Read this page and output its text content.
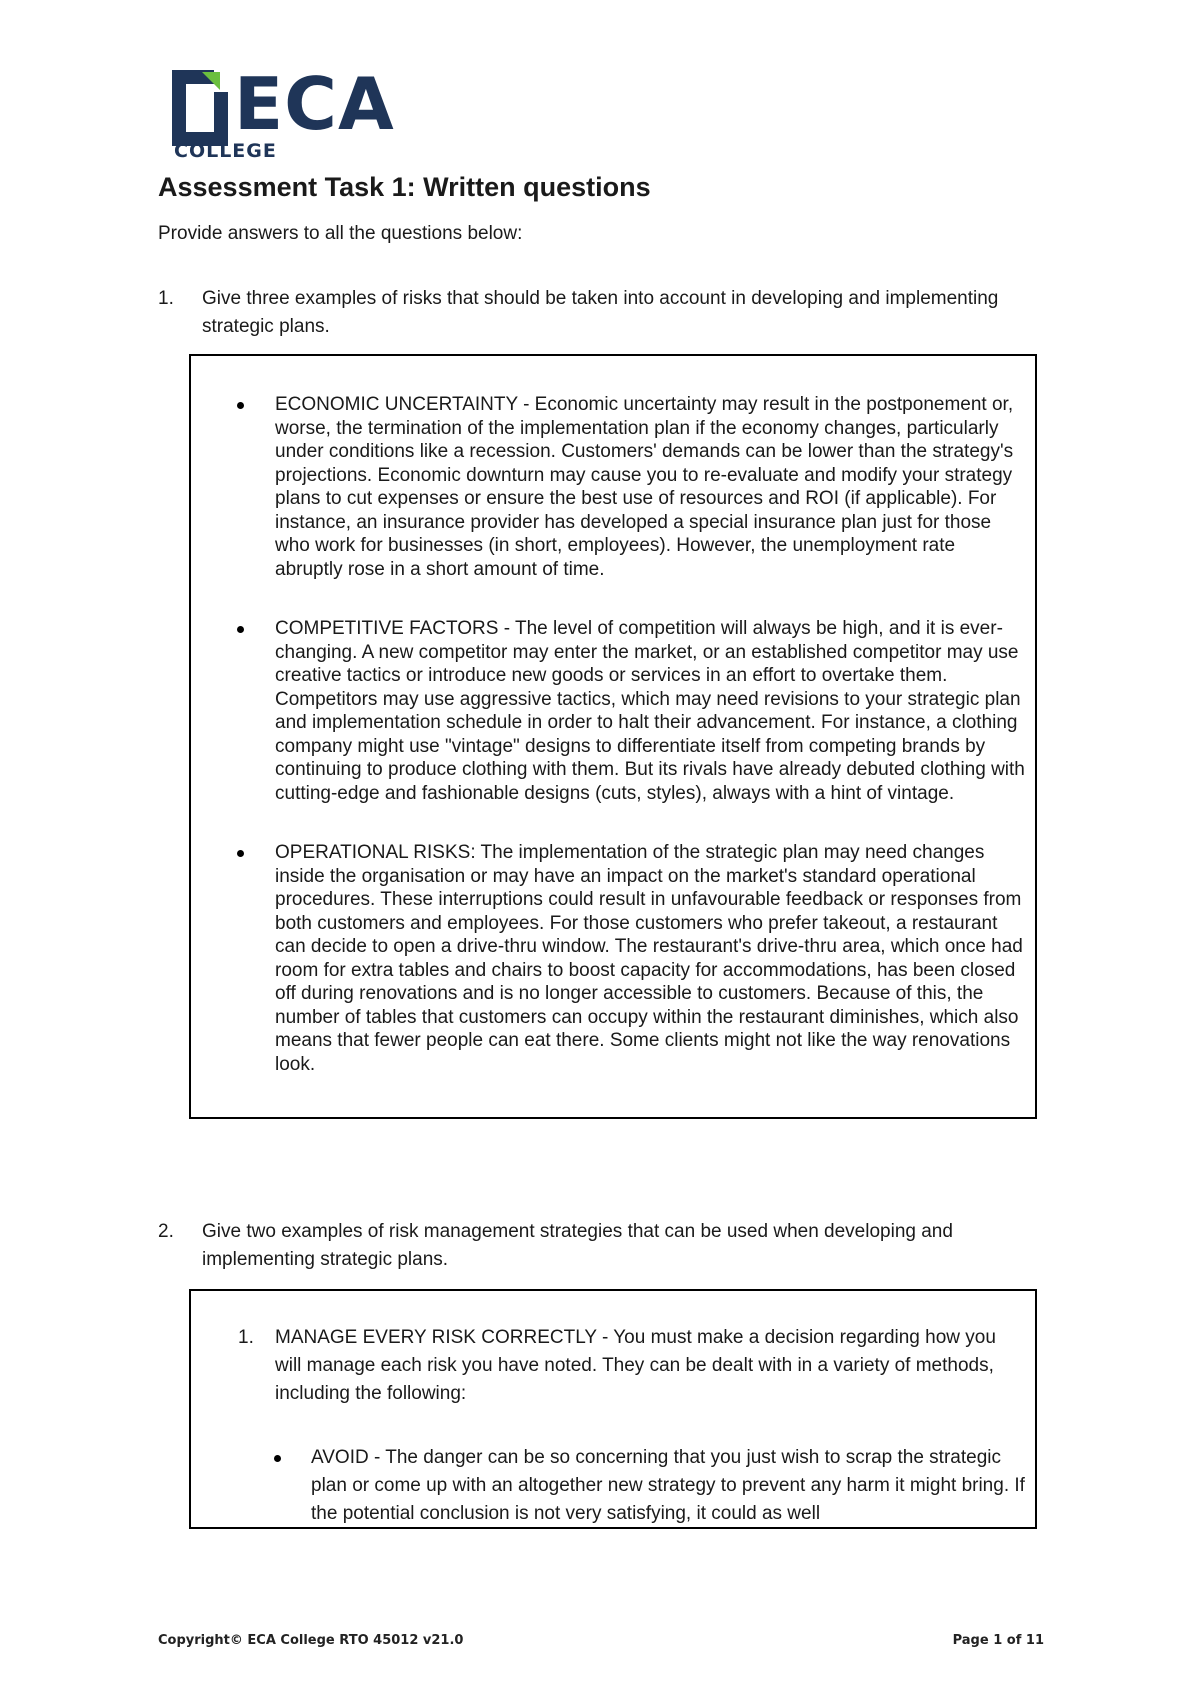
ECA
COLLEGE
Assessment Task 1: Written questions

Provide answers to all the questions below:

1. Give three examples of risks that should be taken into account in developing and implementing strategic plans.
ECONOMIC UNCERTAINTY - Economic uncertainty may result in the postponement or, worse, the termination of the implementation plan if the economy changes, particularly under conditions like a recession. Customers' demands can be lower than the strategy's projections. Economic downturn may cause you to re-evaluate and modify your strategy plans to cut expenses or ensure the best use of resources and ROI (if applicable). For instance, an insurance provider has developed a special insurance plan just for those who work for businesses (in short, employees). However, the unemployment rate abruptly rose in a short amount of time.
COMPETITIVE FACTORS - The level of competition will always be high, and it is ever-changing. A new competitor may enter the market, or an established competitor may use creative tactics or introduce new goods or services in an effort to overtake them. Competitors may use aggressive tactics, which may need revisions to your strategic plan and implementation schedule in order to halt their advancement. For instance, a clothing company might use "vintage" designs to differentiate itself from competing brands by continuing to produce clothing with them. But its rivals have already debuted clothing with cutting-edge and fashionable designs (cuts, styles), always with a hint of vintage.
OPERATIONAL RISKS: The implementation of the strategic plan may need changes inside the organisation or may have an impact on the market's standard operational procedures. These interruptions could result in unfavourable feedback or responses from both customers and employees. For those customers who prefer takeout, a restaurant can decide to open a drive-thru window. The restaurant's drive-thru area, which once had room for extra tables and chairs to boost capacity for accommodations, has been closed off during renovations and is no longer accessible to customers. Because of this, the number of tables that customers can occupy within the restaurant diminishes, which also means that fewer people can eat there. Some clients might not like the way renovations look.
2. Give two examples of risk management strategies that can be used when developing and implementing strategic plans.
1. MANAGE EVERY RISK CORRECTLY - You must make a decision regarding how you will manage each risk you have noted. They can be dealt with in a variety of methods, including the following:
AVOID - The danger can be so concerning that you just wish to scrap the strategic plan or come up with an altogether new strategy to prevent any harm it might bring. If the potential conclusion is not very satisfying, it could as well
Copyright© ECA College RTO 45012 v21.0	Page 1 of 11
